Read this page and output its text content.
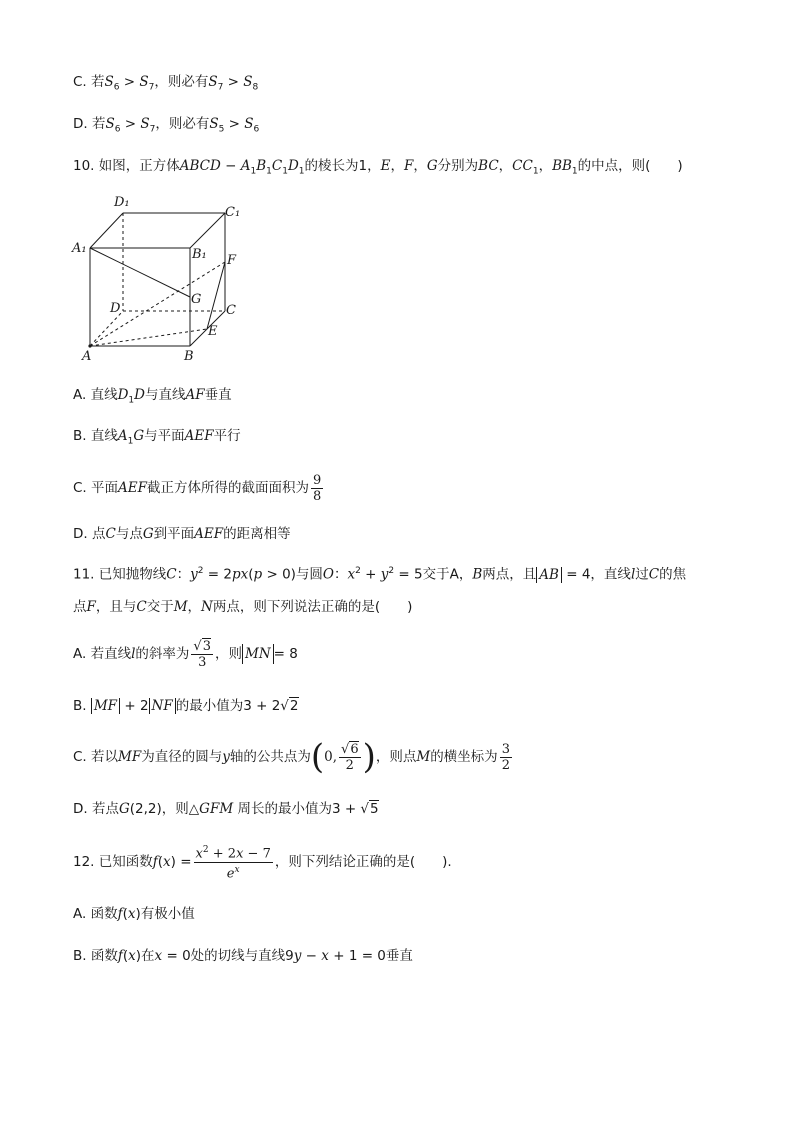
C. 若$S_6 > S_7$，则必有$S_7 > S_8$
D. 若$S_6 > S_7$，则必有$S_5 > S_6$
10. 如图，正方体ABCD − $A_1B_1C_1D_1$的棱长为1，E，F，G分别为BC，$CC_1$，$BB_1$的中点，则(　　)
D₁
C₁
A₁	B₁ F
G
D	C
E
A	B
A. 直线$D_1D$与直线AF垂直
B. 直线$A_1G$与平面AEF平行
C. 平面 AEF 截正方体所得的截面面积为 $\frac{9}{8}$
D. 点C与点G到平面AEF的距离相等
11. 已知抛物线C：$y^2 = 2px(p > 0)$与圆O：$x^2 + y^2 = 5$交于A，B两点，且 AB = 4，直线l过C的焦
点F，且与C交于M，N两点，则下列说法正确的是(　　)
A. 若直线 l 的斜率为 $\frac{√3}{3}$ ，则 MN = 8
B. MF + 2 NF 的最小值为3 + 2√2
C. 若以 MF 为直径的圆与 y 轴的公共点为 ( 0, $\frac{√6}{2}$ ) ，则点 M 的横坐标为 $\frac{3}{2}$
D. 若点G(2,2)，则△GFM 周长的最小值为3 + √5
12. 已知函数 f ( x ) = $\frac{x^2 + 2x - 7}{e^x}$ ，则下列结论正确的是(　　).
A. 函数f(x)有极小值
B. 函数f(x)在x = 0处的切线与直线9y − x + 1 = 0垂直
